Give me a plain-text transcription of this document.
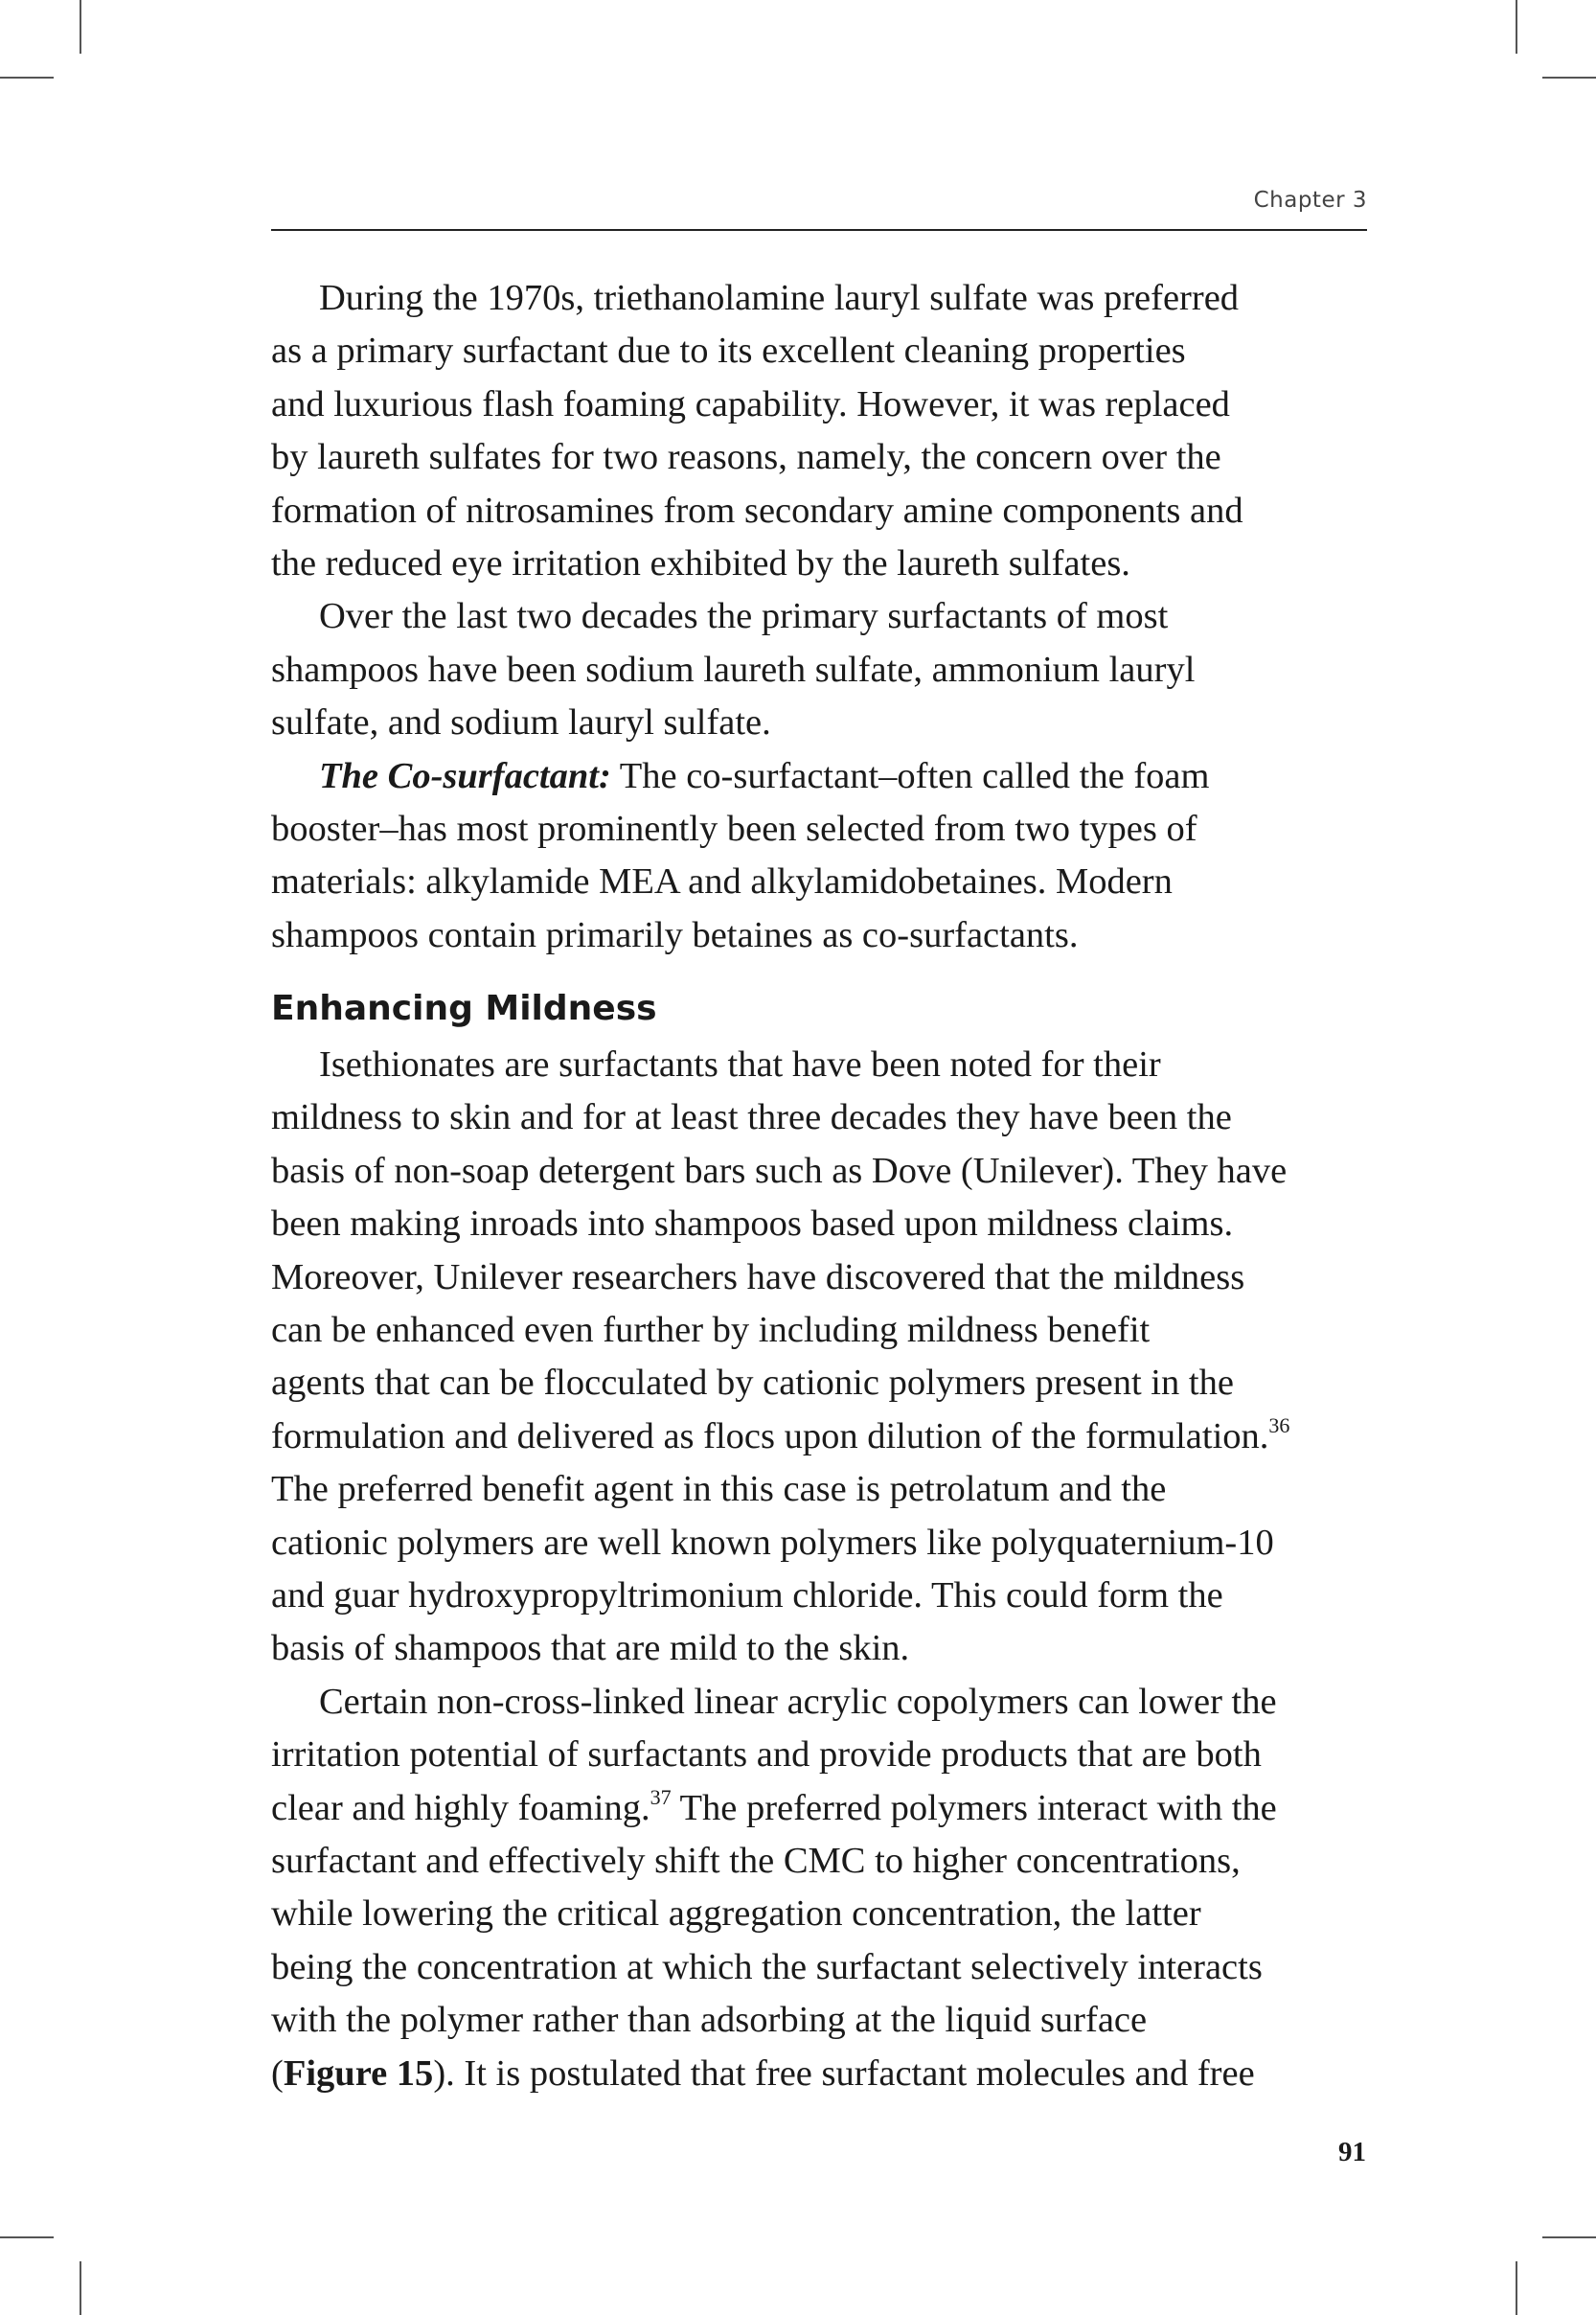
Chapter 3
During the 1970s, triethanolamine lauryl sulfate was preferred
as a primary surfactant due to its excellent cleaning properties
and luxurious flash foaming capability. However, it was replaced
by laureth sulfates for two reasons, namely, the concern over the
formation of nitrosamines from secondary amine components and
the reduced eye irritation exhibited by the laureth sulfates.
Over the last two decades the primary surfactants of most
shampoos have been sodium laureth sulfate, ammonium lauryl
sulfate, and sodium lauryl sulfate.
The Co-surfactant: The co-surfactant–often called the foam
booster–has most prominently been selected from two types of
materials: alkylamide MEA and alkylamidobetaines. Modern
shampoos contain primarily betaines as co-surfactants.
Enhancing Mildness
Isethionates are surfactants that have been noted for their
mildness to skin and for at least three decades they have been the
basis of non-soap detergent bars such as Dove (Unilever). They have
been making inroads into shampoos based upon mildness claims.
Moreover, Unilever researchers have discovered that the mildness
can be enhanced even further by including mildness benefit
agents that can be flocculated by cationic polymers present in the
formulation and delivered as flocs upon dilution of the formulation.$^{36}$
The preferred benefit agent in this case is petrolatum and the
cationic polymers are well known polymers like polyquaternium-10
and guar hydroxypropyltrimonium chloride. This could form the
basis of shampoos that are mild to the skin.
Certain non-cross-linked linear acrylic copolymers can lower the
irritation potential of surfactants and provide products that are both
clear and highly foaming.$^{37}$ The preferred polymers interact with the
surfactant and effectively shift the CMC to higher concentrations,
while lowering the critical aggregation concentration, the latter
being the concentration at which the surfactant selectively interacts
with the polymer rather than adsorbing at the liquid surface
(Figure 15). It is postulated that free surfactant molecules and free
91
